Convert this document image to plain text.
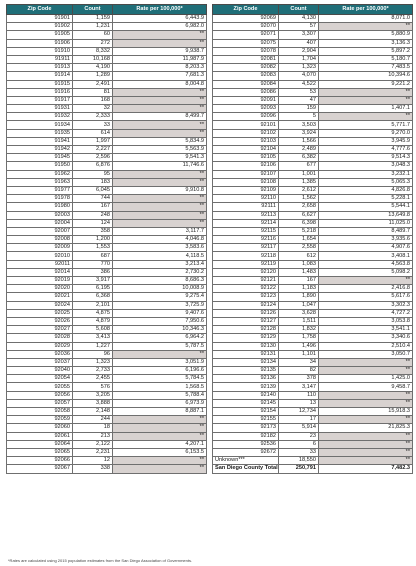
Zip Code	Count	Rate per 100,000*
91901	1,159	6,443.9
91902	1,231	6,982.0
91905	60	**
91906	272	**
91910	8,332	9,938.7
91911	10,168	11,987.9
91913	4,190	8,203.3
91914	1,289	7,681.3
91915	2,491	8,004.8
91916	81	**
91917	168	**
91931	32	**
91932	2,333	8,499.7
91934	33	**
91935	614	**
91941	1,997	5,834.9
91942	2,227	5,563.9
91945	2,596	9,541.3
91950	6,876	11,746.6
91962	95	**
91963	183	**
91977	6,045	9,910.8
91978	744	**
91980	167	**
92003	248	**
92004	124	**
92007	358	3,117.7
92008	1,200	4,046.8
92009	1,553	3,583.6
92010	687	4,118.5
92011	770	3,213.4
92014	386	2,730.2
92019	3,917	8,686.3
92020	6,195	10,008.9
92021	6,368	9,275.4
92024	2,101	3,725.9
92025	4,875	9,407.6
92026	4,879	7,950.6
92027	5,608	10,346.3
92028	3,413	6,964.2
92029	1,227	5,787.5
92036	96	**
92037	1,323	3,051.9
92040	2,733	6,196.6
92054	2,455	5,784.5
92055	576	1,568.5
92056	3,205	5,788.4
92057	3,888	6,973.9
92058	2,148	8,887.1
92059	244	**
92060	18	**
92061	213	**
92064	2,122	4,207.1
92065	2,231	6,153.5
92066	12	**
92067	338	**
Zip Code	Count	Rate per 100,000*
92069	4,130	8,071.0
92070	57	**
92071	3,307	5,880.9
92075	407	3,136.3
92078	2,904	5,897.2
92081	1,704	5,180.7
92082	1,323	7,483.5
92083	4,070	10,394.6
92084	4,522	9,221.2
92086	53	**
92091	47	**
92093	159	1,407.1
92096	5	**
92101	3,503	5,771.7
92102	3,924	9,270.0
92103	1,566	3,945.9
92104	2,489	4,777.6
92105	6,382	9,514.3
92106	677	3,048.3
92107	1,001	3,232.1
92108	1,385	5,065.3
92109	2,612	4,826.8
92110	1,562	5,228.1
92111	2,658	5,544.1
92113	6,627	13,649.8
92114	6,398	11,025.0
92115	5,218	8,489.7
92116	1,654	3,935.6
92117	2,558	4,907.6
92118	612	3,408.1
92119	1,083	4,563.8
92120	1,483	5,098.2
92121	167	**
92122	1,183	2,416.8
92123	1,890	5,617.6
92124	1,047	3,302.3
92126	3,628	4,727.2
92127	1,511	3,053.8
92128	1,832	3,541.1
92129	1,758	3,340.6
92130	1,496	2,510.4
92131	1,101	3,050.7
92134	34	**
92135	82	**
92136	378	1,425.0
92139	3,147	9,458.7
92140	110	**
92145	13	**
92154	12,734	15,918.3
92155	17	**
92173	5,914	21,825.3
92182	23	**
92536	6	**
92672	33	**
Unknown***	18,550	**
San Diego County Total	250,791	7,482.3
*Rates are calculated using 2015 population estimates from the San Diego Association of Governments.
